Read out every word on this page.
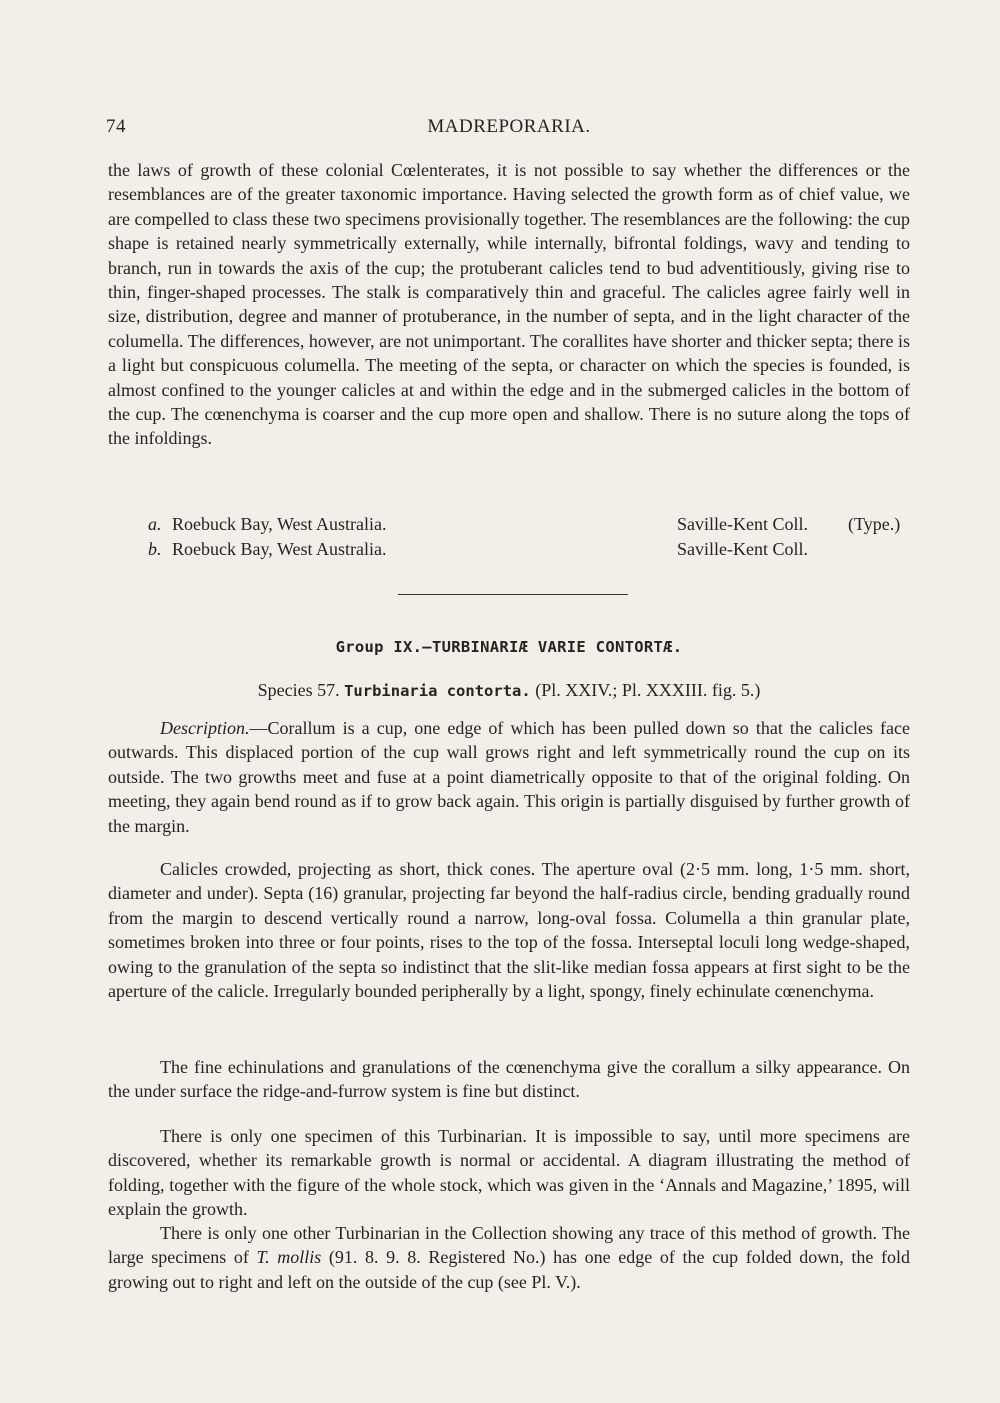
74	MADREPORARIA.

the laws of growth of these colonial Cœlenterates, it is not possible to say whether the differences or the resemblances are of the greater taxonomic importance. Having selected the growth form as of chief value, we are compelled to class these two specimens provisionally together. The resemblances are the following: the cup shape is retained nearly symmetrically externally, while internally, bifrontal foldings, wavy and tending to branch, run in towards the axis of the cup; the protuberant calicles tend to bud adventitiously, giving rise to thin, finger-shaped processes. The stalk is comparatively thin and graceful. The calicles agree fairly well in size, distribution, degree and manner of protuberance, in the number of septa, and in the light character of the columella. The differences, however, are not unimportant. The corallites have shorter and thicker septa; there is a light but conspicuous columella. The meeting of the septa, or character on which the species is founded, is almost confined to the younger calicles at and within the edge and in the submerged calicles in the bottom of the cup. The cœnenchyma is coarser and the cup more open and shallow. There is no suture along the tops of the infoldings.

a. Roebuck Bay, West Australia.	Saville-Kent Coll. (Type.)
b. Roebuck Bay, West Australia.	Saville-Kent Coll.
Group IX.—TURBINARIÆ VARIE CONTORTÆ.
Species 57. Turbinaria contorta. (Pl. XXIV.; Pl. XXXIII. fig. 5.)

Description.—Corallum is a cup, one edge of which has been pulled down so that the calicles face outwards. This displaced portion of the cup wall grows right and left symmetrically round the cup on its outside. The two growths meet and fuse at a point diametrically opposite to that of the original folding. On meeting, they again bend round as if to grow back again. This origin is partially disguised by further growth of the margin.

Calicles crowded, projecting as short, thick cones. The aperture oval (2·5 mm. long, 1·5 mm. short, diameter and under). Septa (16) granular, projecting far beyond the half-radius circle, bending gradually round from the margin to descend vertically round a narrow, long-oval fossa. Columella a thin granular plate, sometimes broken into three or four points, rises to the top of the fossa. Interseptal loculi long wedge-shaped, owing to the granulation of the septa so indistinct that the slit-like median fossa appears at first sight to be the aperture of the calicle. Irregularly bounded peripherally by a light, spongy, finely echinulate cœnenchyma.

The fine echinulations and granulations of the cœnenchyma give the corallum a silky appearance. On the under surface the ridge-and-furrow system is fine but distinct.

There is only one specimen of this Turbinarian. It is impossible to say, until more specimens are discovered, whether its remarkable growth is normal or accidental. A diagram illustrating the method of folding, together with the figure of the whole stock, which was given in the ‘Annals and Magazine,’ 1895, will explain the growth.

There is only one other Turbinarian in the Collection showing any trace of this method of growth. The large specimens of T. mollis (91. 8. 9. 8. Registered No.) has one edge of the cup folded down, the fold growing out to right and left on the outside of the cup (see Pl. V.).
